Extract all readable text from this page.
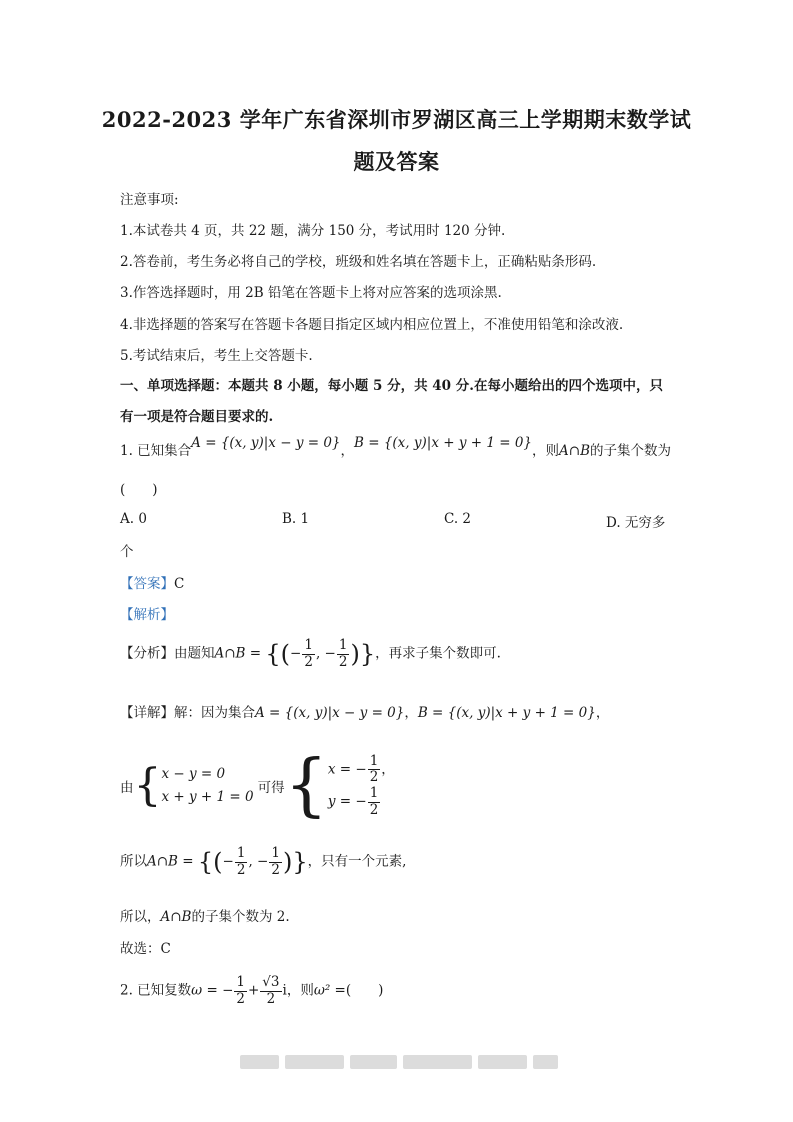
2022-2023 学年广东省深圳市罗湖区高三上学期期末数学试
题及答案
注意事项:
1.本试卷共 4 页，共 22 题，满分 150 分，考试用时 120 分钟.
2.答卷前，考生务必将自己的学校，班级和姓名填在答题卡上，正确粘贴条形码.
3.作答选择题时，用 2B 铅笔在答题卡上将对应答案的选项涂黑.
4.非选择题的答案写在答题卡各题目指定区域内相应位置上，不准使用铅笔和涂改液.
5.考试结束后，考生上交答题卡.
一、单项选择题：本题共 8 小题，每小题 5 分，共 40 分.在每小题给出的四个选项中，只
有一项是符合题目要求的.
1. 已知集合A = {(x, y)|x − y = 0}，B = {(x, y)|x + y + 1 = 0}，则A∩B的子集个数为
(　　)
A. 0	B. 1	C. 2	D. 无穷多
个
【答案】C
【解析】
【分析】由题知A∩B = {(− $\frac{1}{2}$ , − $\frac{1}{2}$ )}，再求子集个数即可.
【详解】解：因为集合A = {(x, y)|x − y = 0}，B = {(x, y)|x + y + 1 = 0}，
由{ x − y = 0
x + y + 1 = 0
可得{ x = − $\frac{1}{2}$ ，
y = − $\frac{1}{2}$
所以A∩B = {(− $\frac{1}{2}$ , − $\frac{1}{2}$ )}，只有一个元素,
所以，A∩B的子集个数为 2.
故选：C
2. 已知复数ω = − $\frac{1}{2} + \frac{√3}{2}$ i，则ω² =(　　)
